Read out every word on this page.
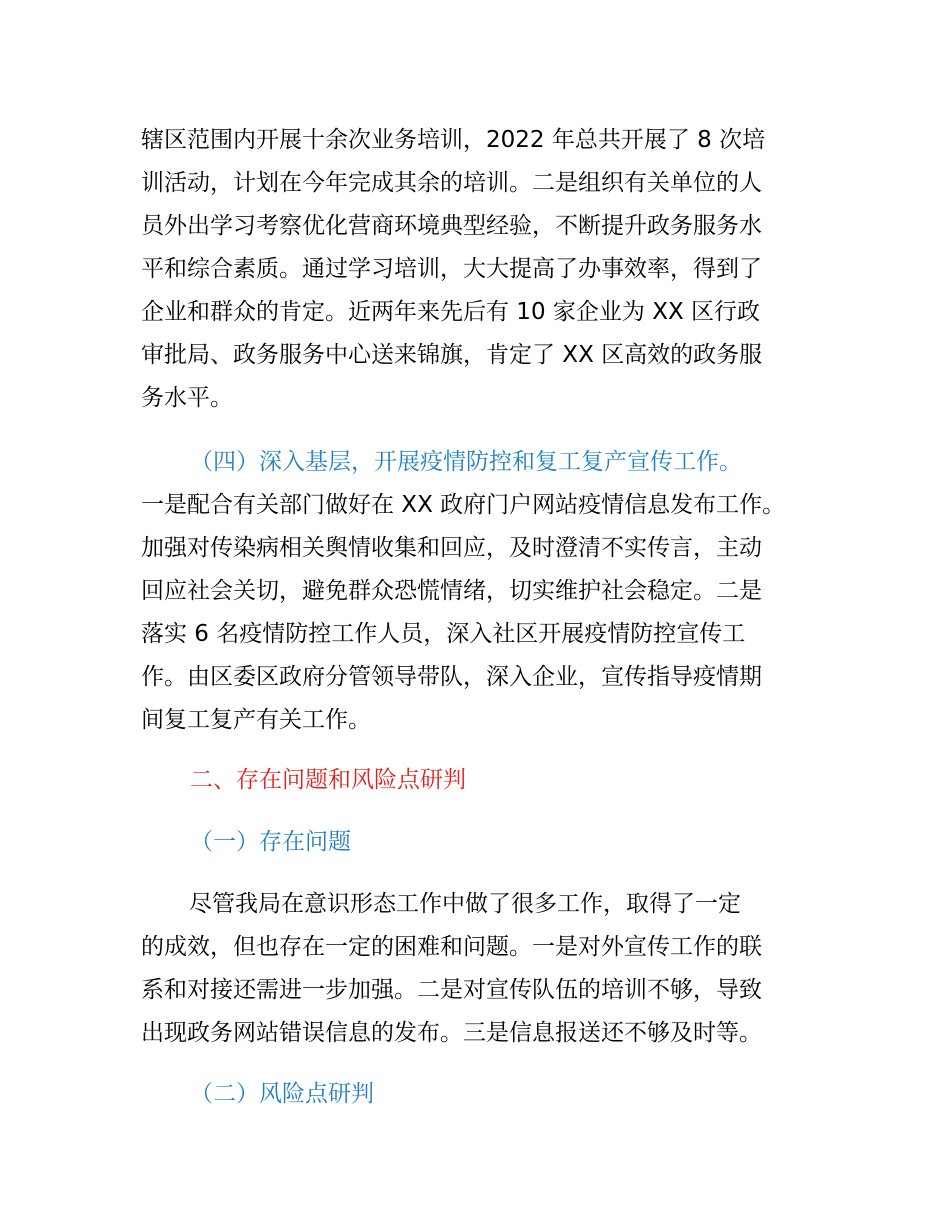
辖区范围内开展十余次业务培训，2022 年总共开展了 8 次培
训活动，计划在今年完成其余的培训。二是组织有关单位的人
员外出学习考察优化营商环境典型经验，不断提升政务服务水
平和综合素质。通过学习培训，大大提高了办事效率，得到了
企业和群众的肯定。近两年来先后有 10 家企业为 XX 区行政
审批局、政务服务中心送来锦旗，肯定了 XX 区高效的政务服
务水平。
（四）深入基层，开展疫情防控和复工复产宣传工作。
一是配合有关部门做好在 XX 政府门户网站疫情信息发布工作。
加强对传染病相关舆情收集和回应，及时澄清不实传言，主动
回应社会关切，避免群众恐慌情绪，切实维护社会稳定。二是
落实 6 名疫情防控工作人员，深入社区开展疫情防控宣传工
作。由区委区政府分管领导带队，深入企业，宣传指导疫情期
间复工复产有关工作。
二、存在问题和风险点研判
（一）存在问题
尽管我局在意识形态工作中做了很多工作，取得了一定
的成效，但也存在一定的困难和问题。一是对外宣传工作的联
系和对接还需进一步加强。二是对宣传队伍的培训不够，导致
出现政务网站错误信息的发布。三是信息报送还不够及时等。
（二）风险点研判
